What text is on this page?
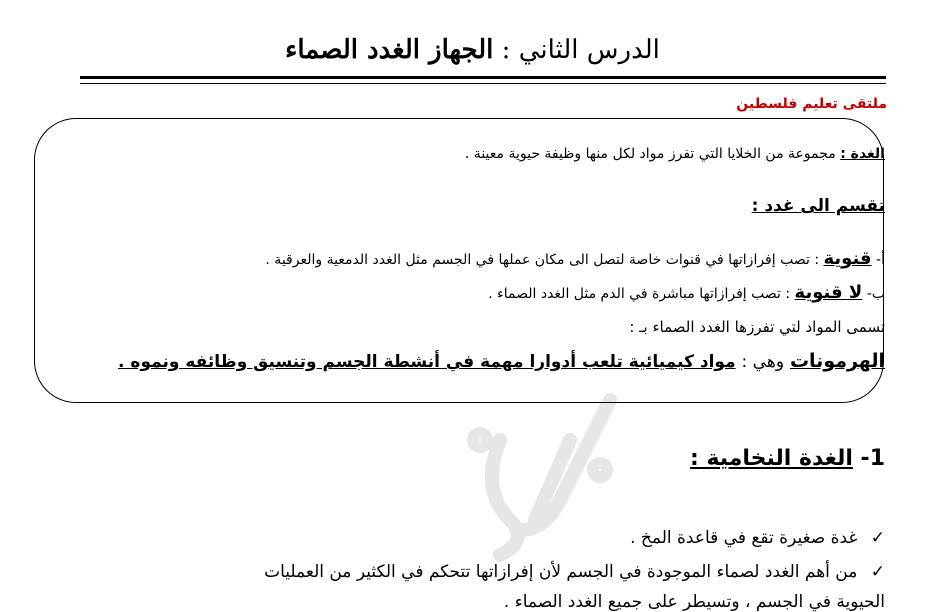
الدرس الثاني : الجهاز الغدد الصماء
ملتقى تعليم فلسطين
الغدة : مجموعة من الخلايا التي تفرز مواد لكل منها وظيفة حيوية معينة .
تقسم الى غدد :
أ- قنوية : تصب إفرازاتها في قنوات خاصة لتصل الى مكان عملها في الجسم مثل الغدد الدمعية والعرقية .
ب- لا قنوية : تصب إفرازاتها مباشرة في الدم مثل الغدد الصماء .
تسمى المواد لتي تفرزها الغدد الصماء بـ :
الهرمونات وهي : مواد كيميائية تلعب أدوارا مهمة في أنشطة الجسم وتنسيق وظائفه ونموه .
1- الغدة النخامية :
✓ غدة صغيرة تقع في قاعدة المخ .
✓ من أهم الغدد لصماء الموجودة في الجسم لأن إفرازاتها تتحكم في الكثير من العمليات
الحيوية في الجسم ، وتسيطر على جميع الغدد الصماء .
